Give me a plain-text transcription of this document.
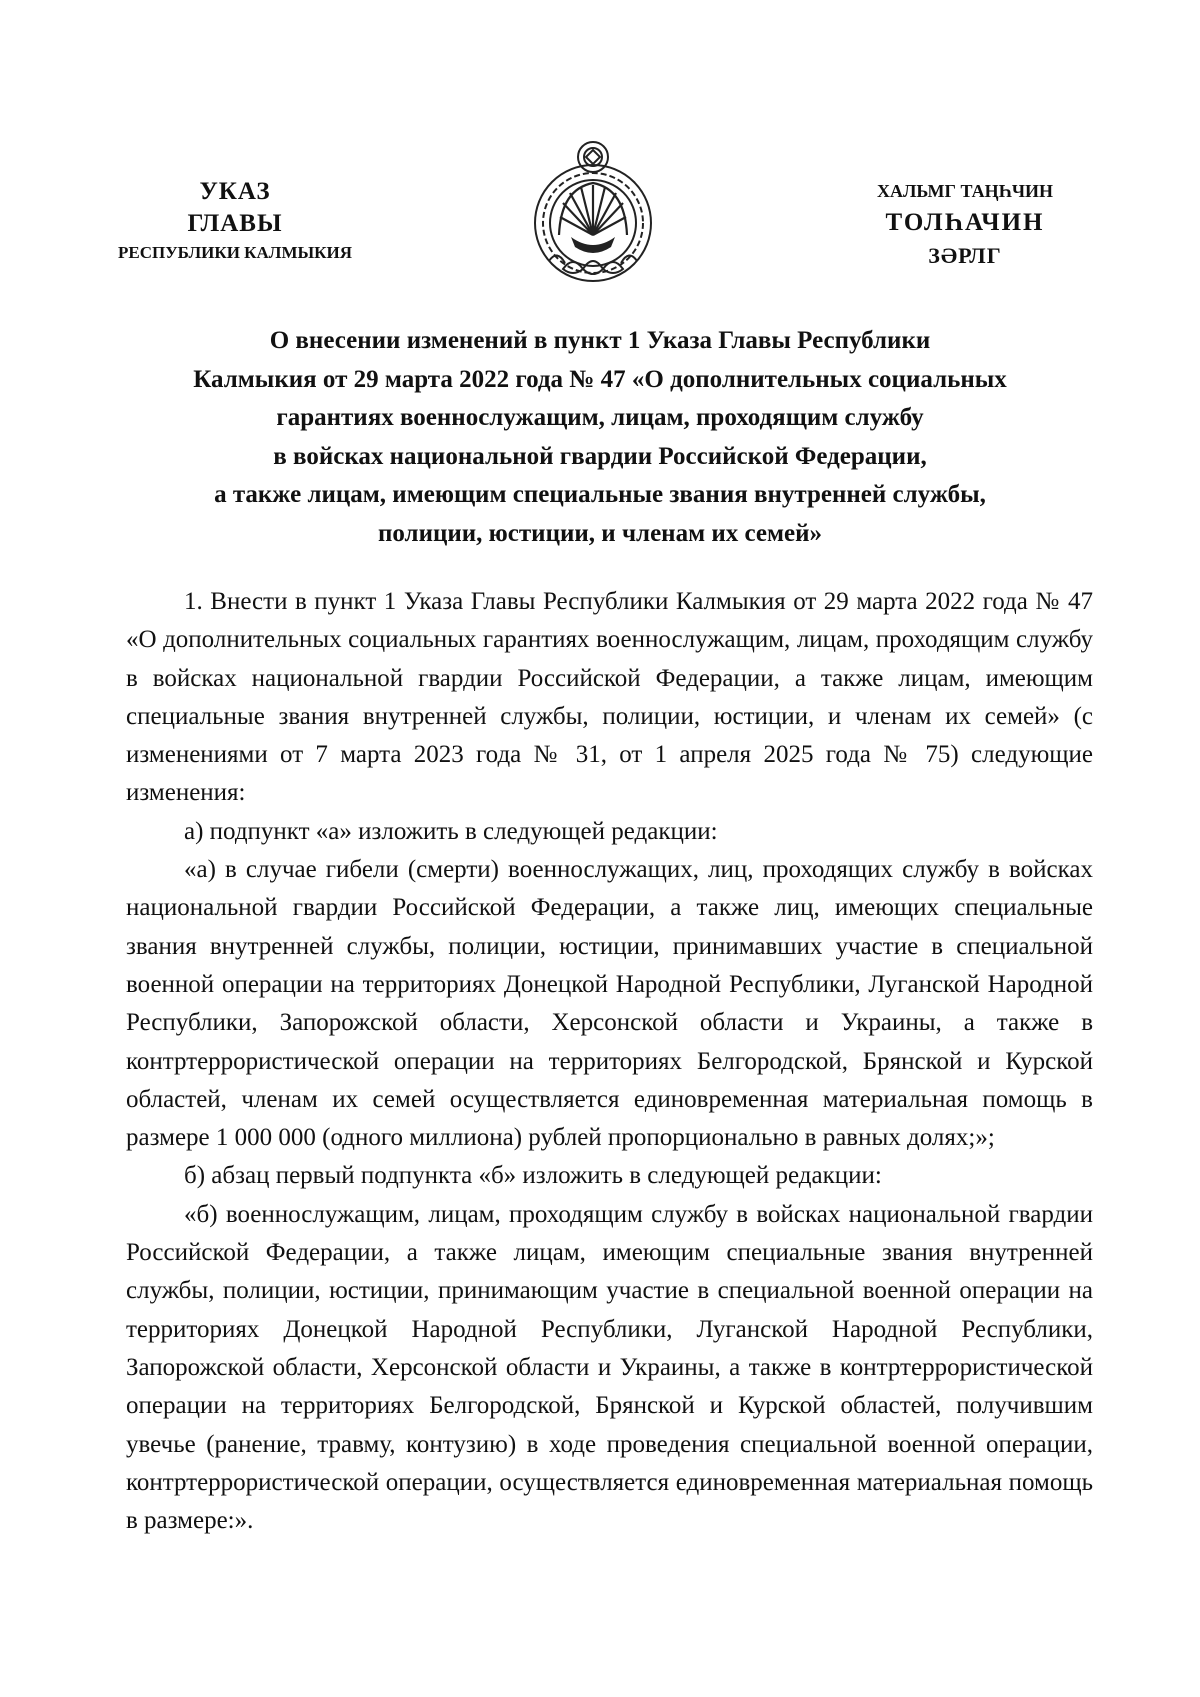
УКАЗ
ГЛАВЫ
РЕСПУБЛИКИ КАЛМЫКИЯ
ХАЛЬМГ ТАҢҺЧИН
ТОЛҺАЧИН
ЗӘРЛГ
О внесении изменений в пункт 1 Указа Главы Республики
Калмыкия от 29 марта 2022 года № 47 «О дополнительных социальных
гарантиях военнослужащим, лицам, проходящим службу
в войсках национальной гвардии Российской Федерации,
а также лицам, имеющим специальные звания внутренней службы,
полиции, юстиции, и членам их семей»

1. Внести в пункт 1 Указа Главы Республики Калмыкия от 29 марта 2022 года № 47 «О дополнительных социальных гарантиях военнослужащим, лицам, проходящим службу в войсках национальной гвардии Российской Федерации, а также лицам, имеющим специальные звания внутренней службы, полиции, юстиции, и членам их семей» (с изменениями от 7 марта 2023 года № 31, от 1 апреля 2025 года № 75) следующие изменения:

а) подпункт «а» изложить в следующей редакции:

«а) в случае гибели (смерти) военнослужащих, лиц, проходящих службу в войсках национальной гвардии Российской Федерации, а также лиц, имеющих специальные звания внутренней службы, полиции, юстиции, принимавших участие в специальной военной операции на территориях Донецкой Народной Республики, Луганской Народной Республики, Запорожской области, Херсонской области и Украины, а также в контртеррористической операции на территориях Белгородской, Брянской и Курской областей, членам их семей осуществляется единовременная материальная помощь в размере 1 000 000 (одного миллиона) рублей пропорционально в равных долях;»;

б) абзац первый подпункта «б» изложить в следующей редакции:

«б) военнослужащим, лицам, проходящим службу в войсках национальной гвардии Российской Федерации, а также лицам, имеющим специальные звания внутренней службы, полиции, юстиции, принимающим участие в специальной военной операции на территориях Донецкой Народной Республики, Луганской Народной Республики, Запорожской области, Херсонской области и Украины, а также в контртеррористической операции на территориях Белгородской, Брянской и Курской областей, получившим увечье (ранение, травму, контузию) в ходе проведения специальной военной операции, контртеррористической операции, осуществляется единовременная материальная помощь в размере:».
